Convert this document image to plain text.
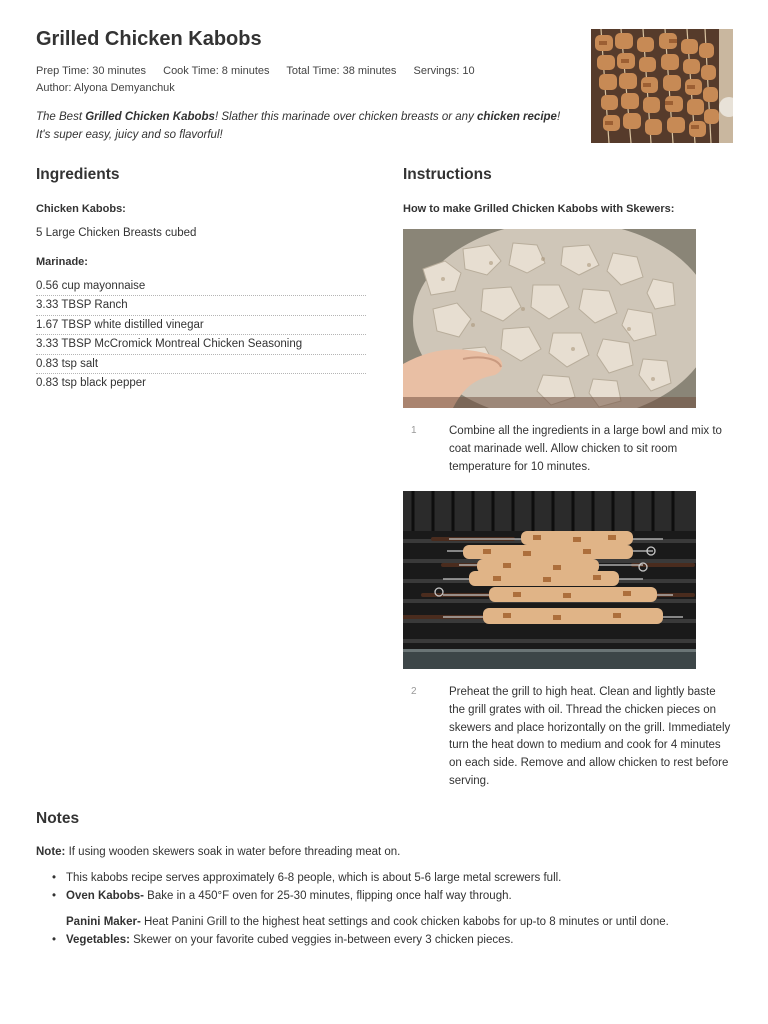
Grilled Chicken Kabobs
Prep Time: 30 minutes Cook Time: 8 minutes Total Time: 38 minutes Servings: 10
Author: Alyona Demyanchuk
The Best Grilled Chicken Kabobs! Slather this marinade over chicken breasts or any chicken recipe! It's super easy, juicy and so flavorful!
Ingredients
Chicken Kabobs:
5 Large Chicken Breasts cubed
Marinade:
0.56 cup mayonnaise
3.33 TBSP Ranch
1.67 TBSP white distilled vinegar
3.33 TBSP McCromick Montreal Chicken Seasoning
0.83 tsp salt
0.83 tsp black pepper
Instructions
How to make Grilled Chicken Kabobs with Skewers:
1	Combine all the ingredients in a large bowl and mix to coat marinade well. Allow chicken to sit room temperature for 10 minutes.
2	Preheat the grill to high heat. Clean and lightly baste the grill grates with oil. Thread the chicken pieces on skewers and place horizontally on the grill. Immediately turn the heat down to medium and cook for 4 minutes on each side. Remove and allow chicken to rest before serving.
Notes
Note: If using wooden skewers soak in water before threading meat on.
• This kabobs recipe serves approximately 6-8 people, which is about 5-6 large metal screwers full.
• Oven Kabobs- Bake in a 450°F oven for 25-30 minutes, flipping once half way through.
Panini Maker- Heat Panini Grill to the highest heat settings and cook chicken kabobs for up-to 8 minutes or until done.
• Vegetables: Skewer on your favorite cubed veggies in-between every 3 chicken pieces.
